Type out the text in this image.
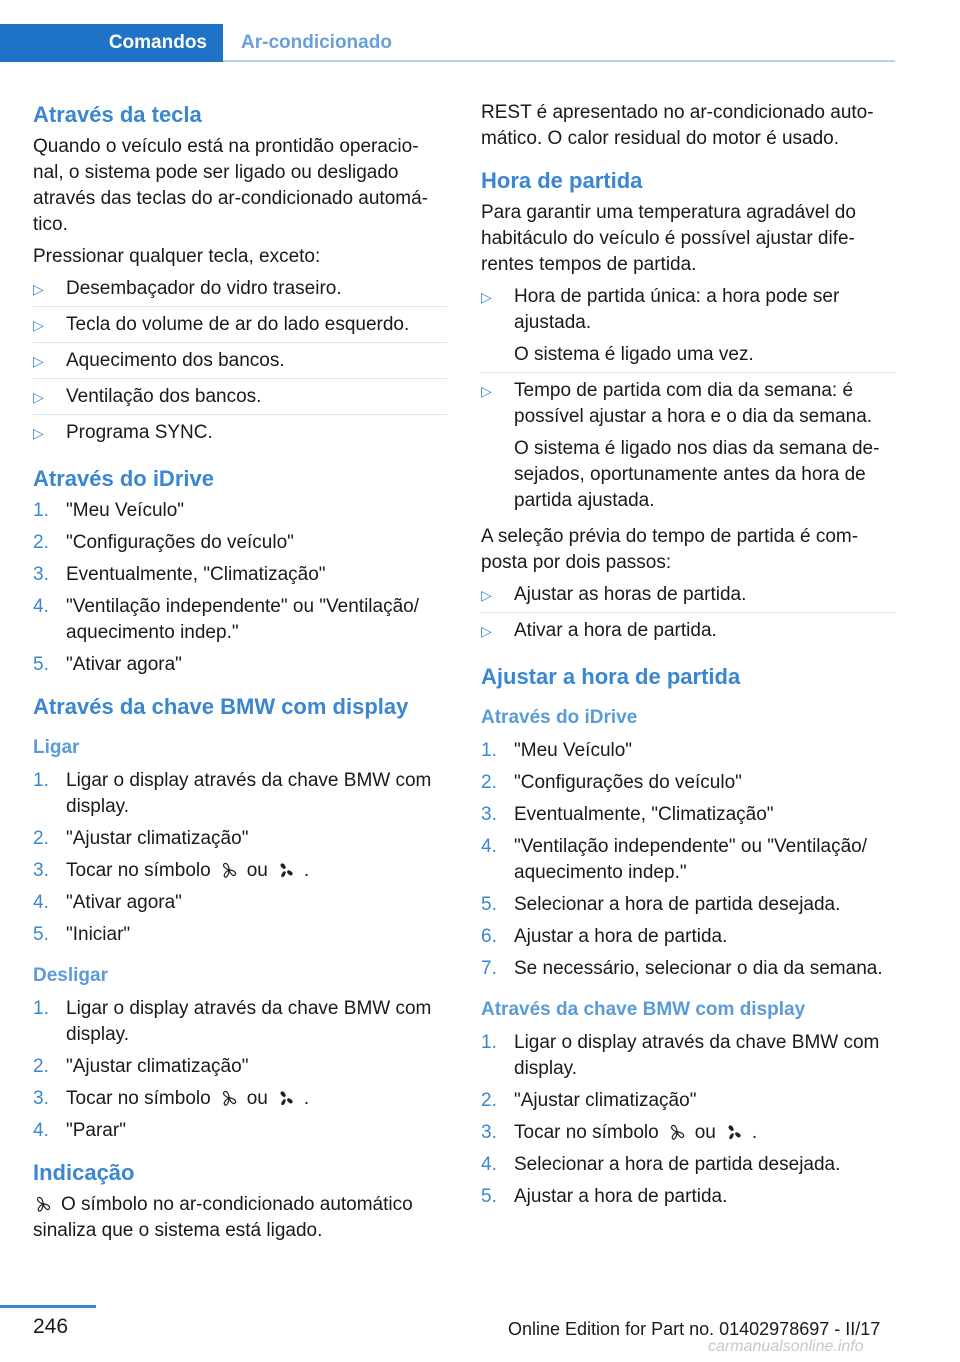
Comandos	Ar-condicionado
Através da tecla

Quando o veículo está na prontidão operacio-nal, o sistema pode ser ligado ou desligado através das teclas do ar-condicionado automá-tico.

Pressionar qualquer tecla, exceto:

▷ Desembaçador do vidro traseiro.
▷ Tecla do volume de ar do lado esquerdo.
▷ Aquecimento dos bancos.
▷ Ventilação dos bancos.
▷ Programa SYNC.
Através do iDrive
1. "Meu Veículo"
2. "Configurações do veículo"
3. Eventualmente, "Climatização"
4. "Ventilação independente" ou "Ventilação/ aquecimento indep."
5. "Ativar agora"
Através da chave BMW com display
Ligar
1. Ligar o display através da chave BMW com display.
2. "Ajustar climatização"
3. Tocar no símbolo ou .
4. "Ativar agora"
5. "Iniciar"
Desligar
1. Ligar o display através da chave BMW com display.
2. "Ajustar climatização"
3. Tocar no símbolo ou .
4. "Parar"
Indicação

O símbolo no ar-condicionado automático sinaliza que o sistema está ligado.

REST é apresentado no ar-condicionado auto-mático. O calor residual do motor é usado.

Hora de partida

Para garantir uma temperatura agradável do habitáculo do veículo é possível ajustar dife-rentes tempos de partida.

▷ Hora de partida única: a hora pode ser ajustada.
O sistema é ligado uma vez.
▷ Tempo de partida com dia da semana: é possível ajustar a hora e o dia da semana.
O sistema é ligado nos dias da semana de-sejados, oportunamente antes da hora de partida ajustada.

A seleção prévia do tempo de partida é com-posta por dois passos:

▷ Ajustar as horas de partida.
▷ Ativar a hora de partida.
Ajustar a hora de partida
Através do iDrive
1. "Meu Veículo"
2. "Configurações do veículo"
3. Eventualmente, "Climatização"
4. "Ventilação independente" ou "Ventilação/ aquecimento indep."
5. Selecionar a hora de partida desejada.
6. Ajustar a hora de partida.
7. Se necessário, selecionar o dia da semana.
Através da chave BMW com display
1. Ligar o display através da chave BMW com display.
2. "Ajustar climatização"
3. Tocar no símbolo ou .
4. Selecionar a hora de partida desejada.
5. Ajustar a hora de partida.
246	Online Edition for Part no. 01402978697 - II/17
carmanualsonline.info
